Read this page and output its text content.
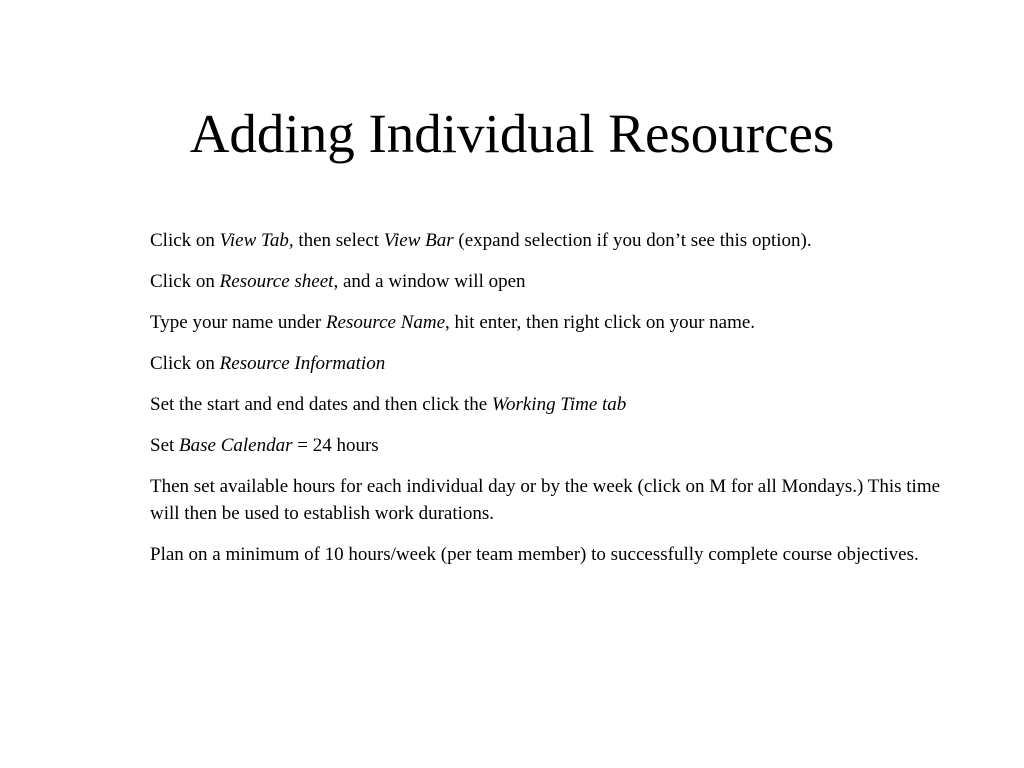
Adding Individual Resources

Click on View Tab, then select View Bar (expand selection if you don’t see this option).

Click on Resource sheet, and a window will open

Type your name under Resource Name, hit enter, then right click on your name.

Click on Resource Information

Set the start and end dates and then click the Working Time tab

Set Base Calendar = 24 hours

Then set available hours for each individual day or by the week (click on M for all Mondays.) This time will then be used to establish work durations.

Plan on a minimum of 10 hours/week (per team member) to successfully complete course objectives.
